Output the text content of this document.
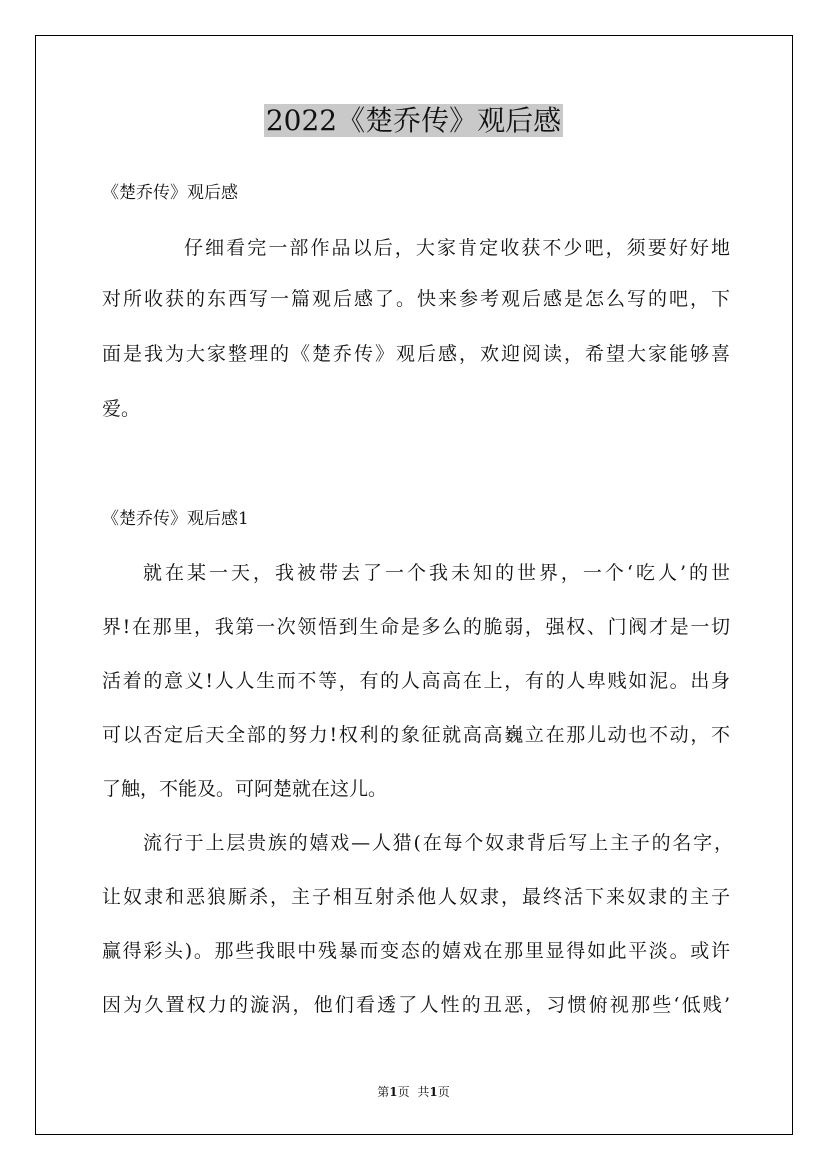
2022《楚乔传》观后感
《楚乔传》观后感
仔细看完一部作品以后，大家肯定收获不少吧，须要好好地
对所收获的东西写一篇观后感了。快来参考观后感是怎么写的吧，下
面是我为大家整理的《楚乔传》观后感，欢迎阅读，希望大家能够喜
爱。
《楚乔传》观后感1
就在某一天，我被带去了一个我未知的世界，一个‘吃人’的世
界!在那里，我第一次领悟到生命是多么的脆弱，强权、门阀才是一切
活着的意义!人人生而不等，有的人高高在上，有的人卑贱如泥。出身
可以否定后天全部的努力!权利的象征就高高巍立在那儿动也不动，不
了触，不能及。可阿楚就在这儿。
流行于上层贵族的嬉戏—人猎(在每个奴隶背后写上主子的名字，
让奴隶和恶狼厮杀，主子相互射杀他人奴隶，最终活下来奴隶的主子
赢得彩头)。那些我眼中残暴而变态的嬉戏在那里显得如此平淡。或许
因为久置权力的漩涡，他们看透了人性的丑恶，习惯俯视那些‘低贱’
第1页 共1页
